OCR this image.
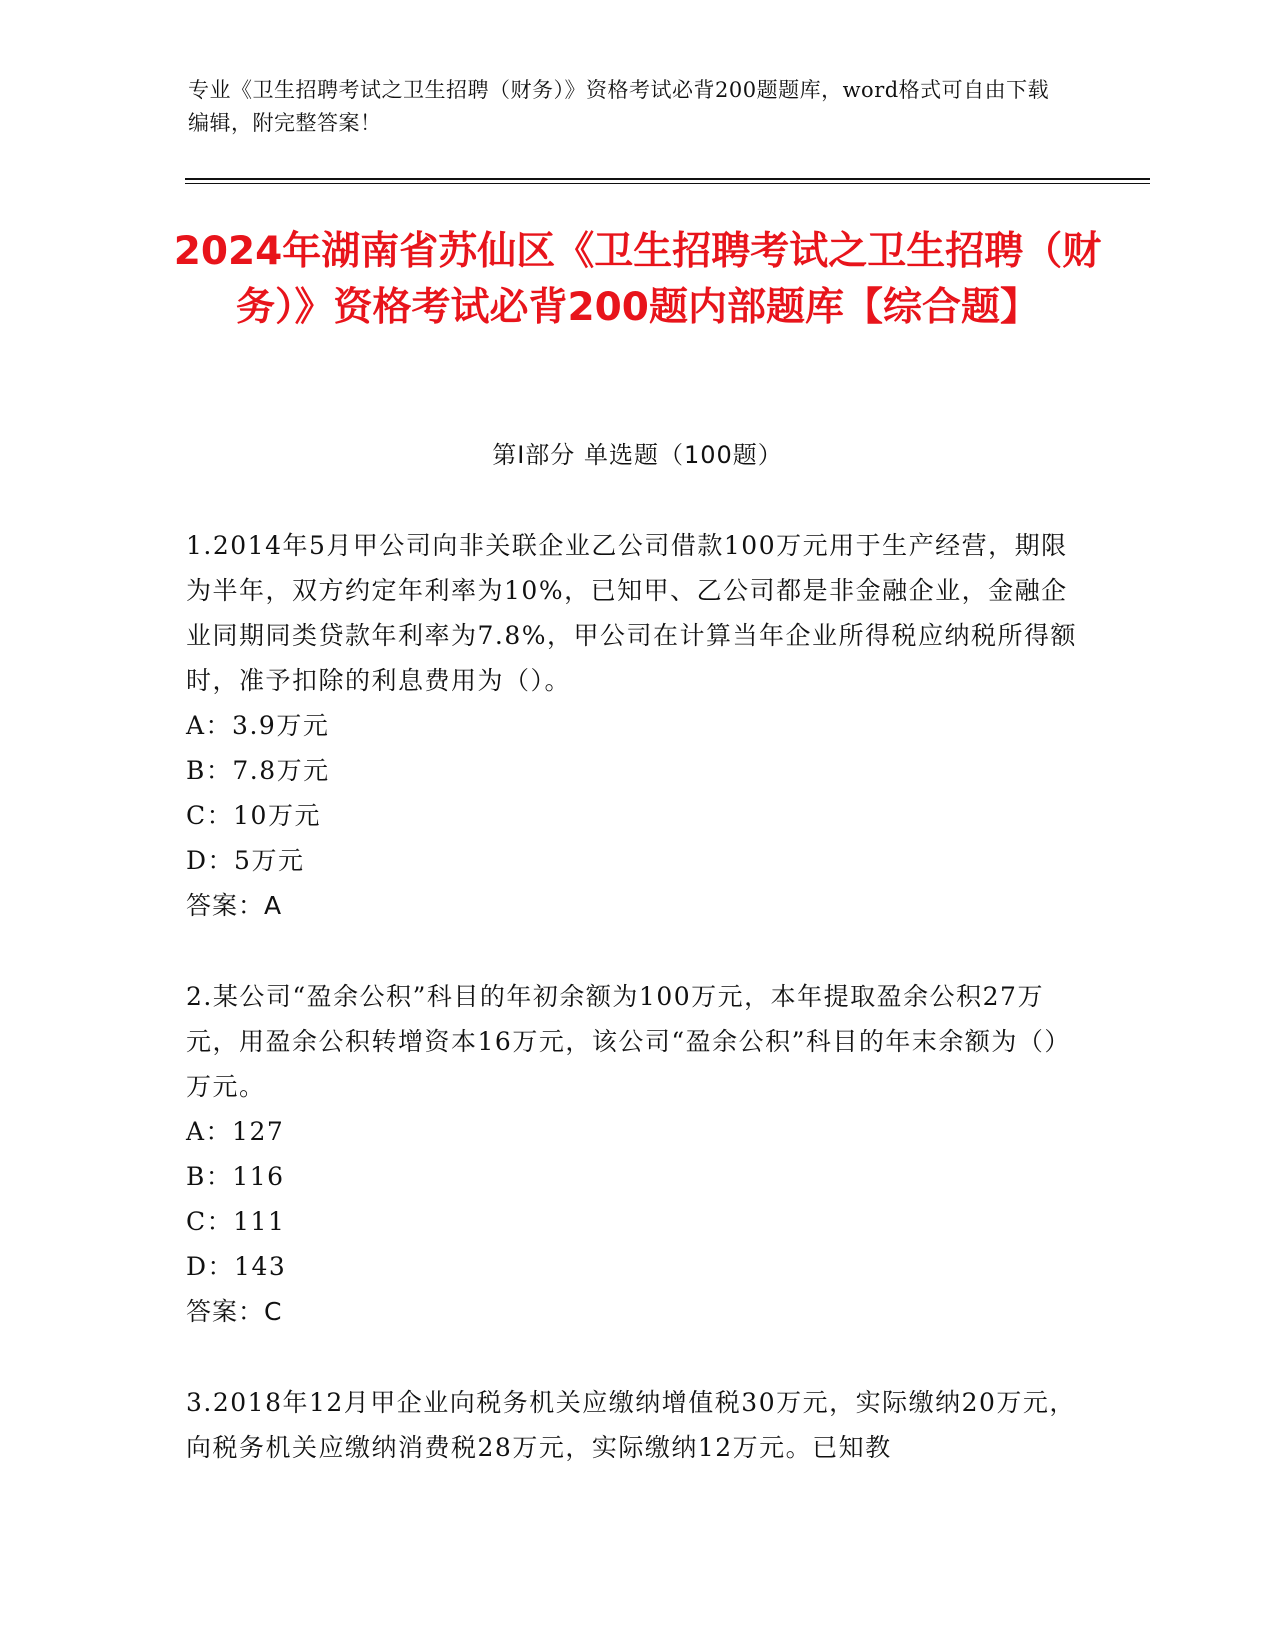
专业《卫生招聘考试之卫生招聘（财务）》资格考试必背200题题库，word格式可自由下载编辑，附完整答案！
2024年湖南省苏仙区《卫生招聘考试之卫生招聘（财务）》资格考试必背200题内部题库【综合题】
第I部分 单选题（100题）

1.2014年5月甲公司向非关联企业乙公司借款100万元用于生产经营，期限为半年，双方约定年利率为10%，已知甲、乙公司都是非金融企业，金融企业同期同类贷款年利率为7.8%，甲公司在计算当年企业所得税应纳税所得额时，准予扣除的利息费用为（）。

A：3.9万元

B：7.8万元

C：10万元

D：5万元

答案： A

2.某公司“盈余公积”科目的年初余额为100万元，本年提取盈余公积27万元，用盈余公积转增资本16万元，该公司“盈余公积”科目的年末余额为（）万元。

A：127

B：116

C：111

D：143

答案： C

3.2018年12月甲企业向税务机关应缴纳增值税30万元，实际缴纳20万元，向税务机关应缴纳消费税28万元，实际缴纳12万元。已知教
